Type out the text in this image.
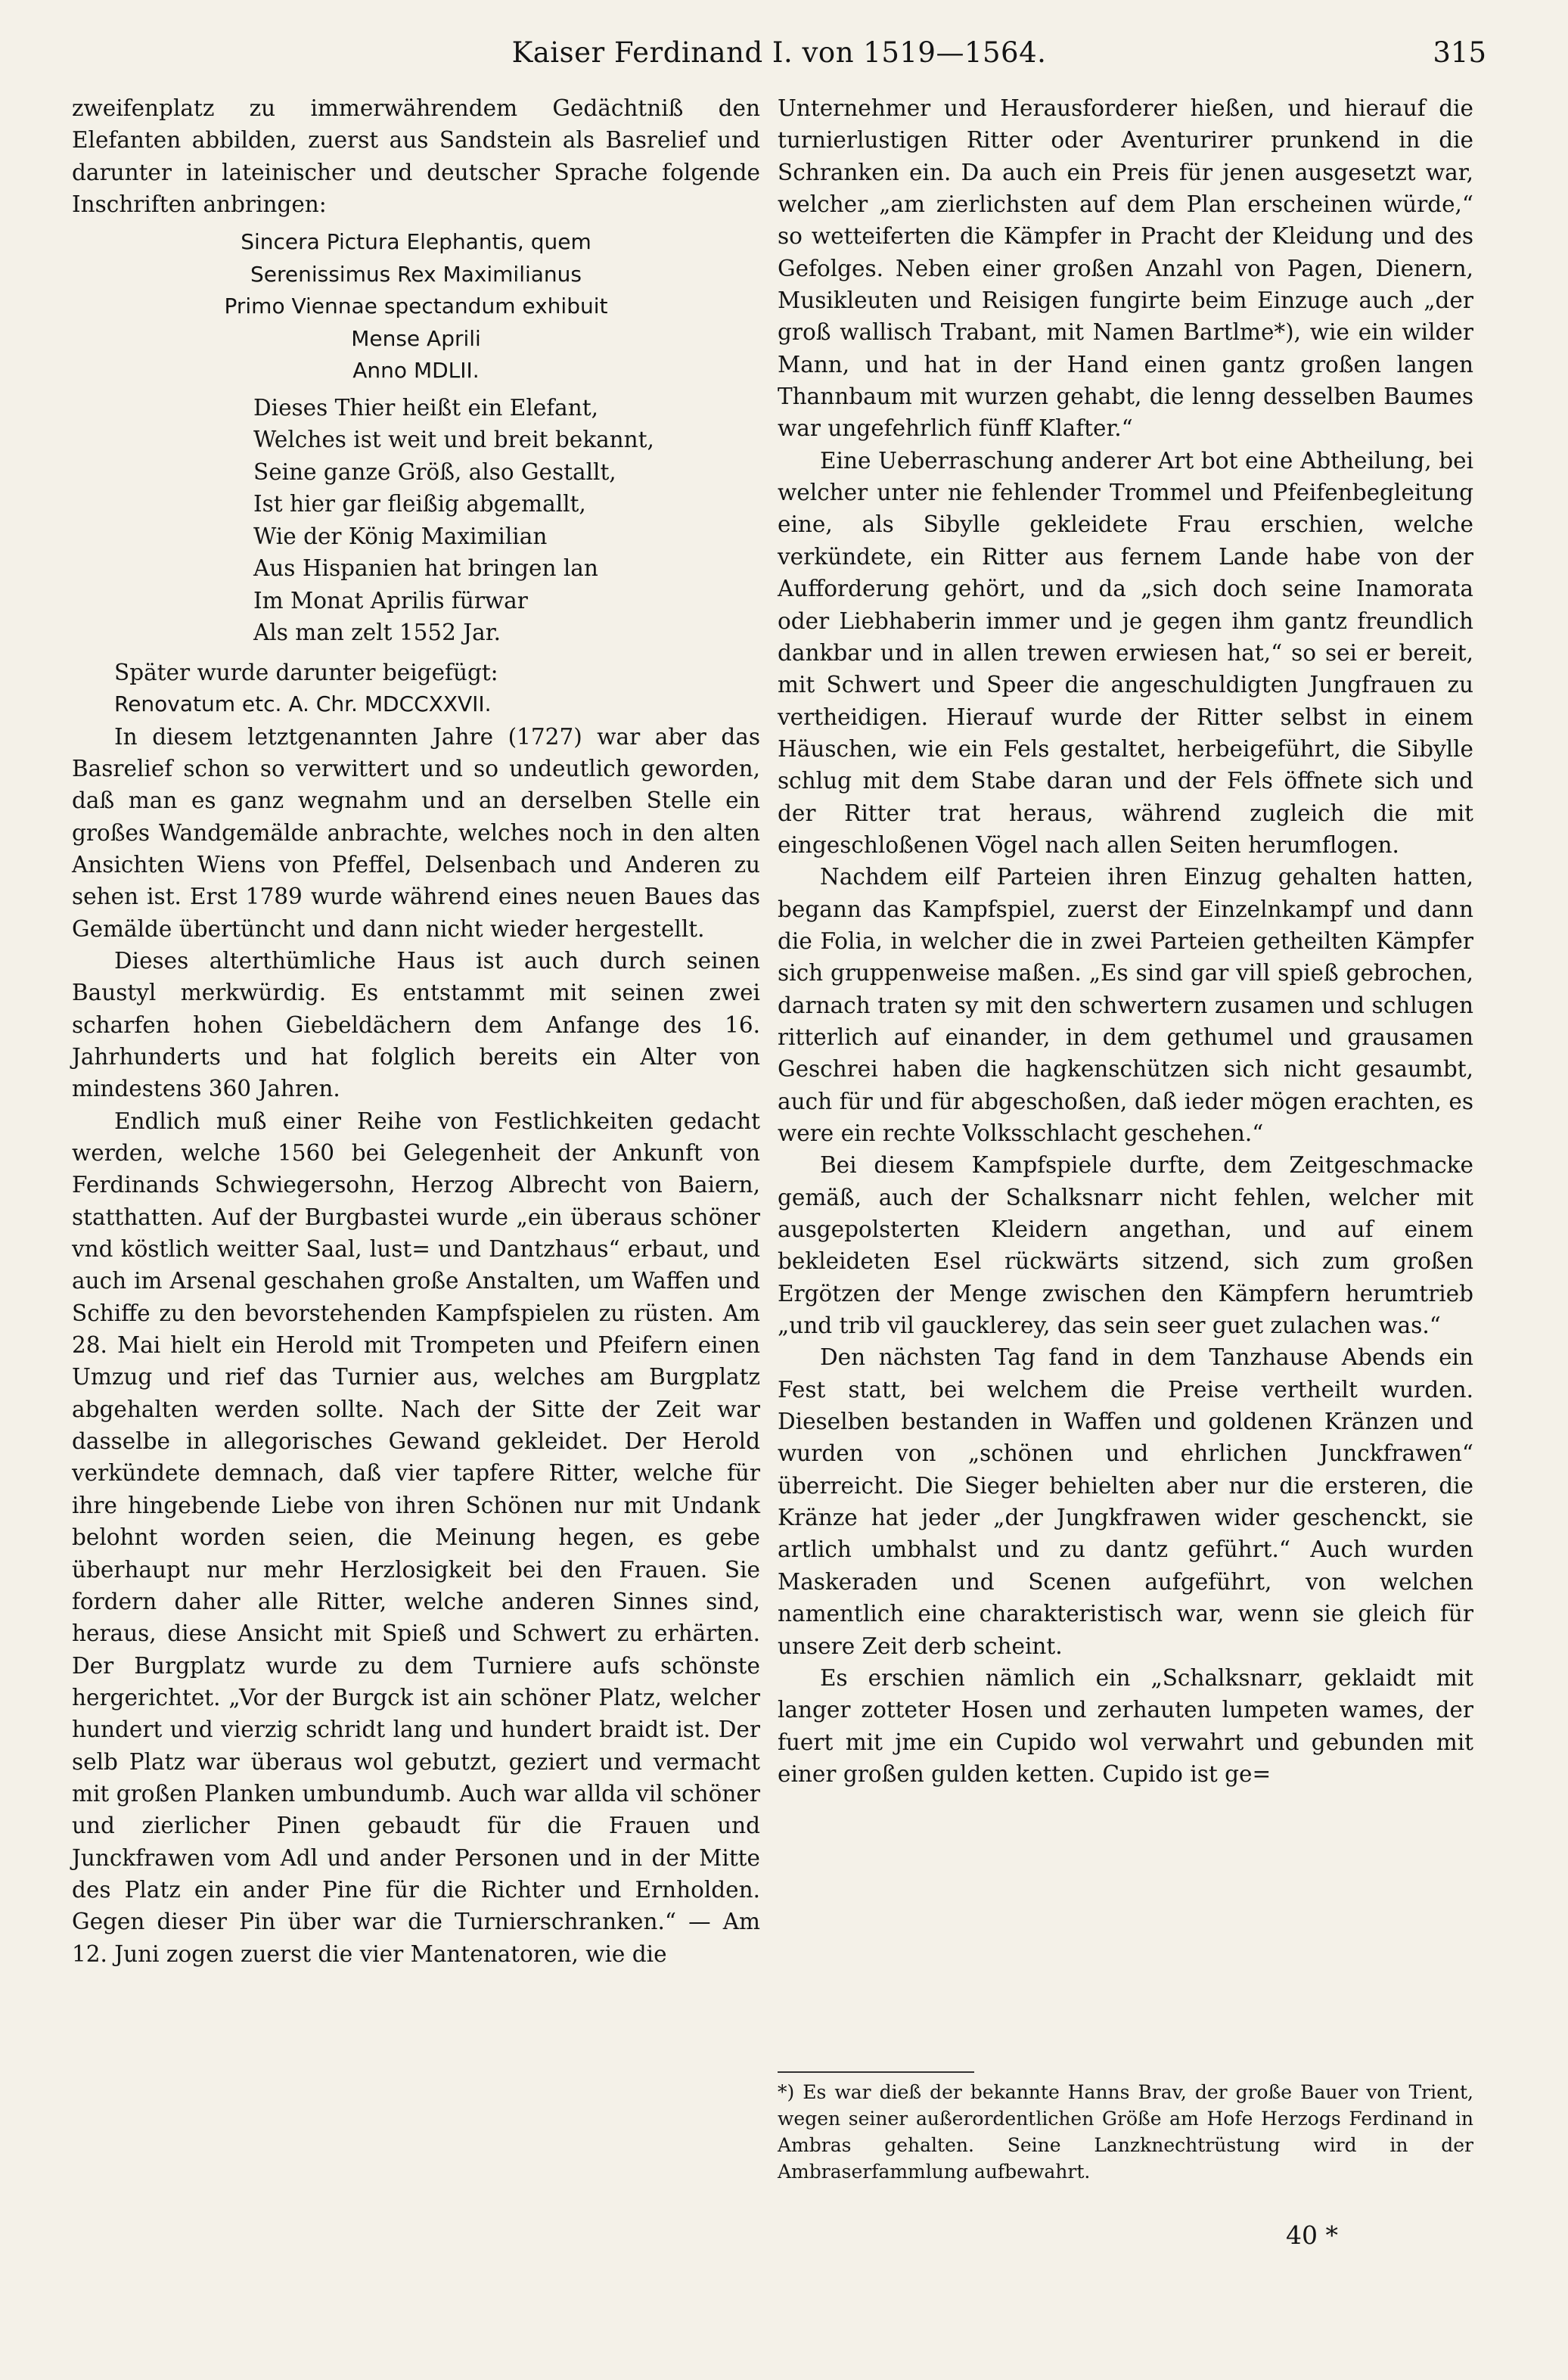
Kaiser Ferdinand I. von 1519—1564.	315

zweifenplatz zu immerwährendem Gedächtniß den Elefanten abbilden, zuerst aus Sandstein als Basrelief und darunter in lateinischer und deutscher Sprache folgende Inschriften anbringen:

Sincera Pictura Elephantis, quem
Serenissimus Rex Maximilianus
Primo Viennae spectandum exhibuit
Mense Aprili
Anno MDLII.
Dieses Thier heißt ein Elefant,
Welches ist weit und breit bekannt,
Seine ganze Größ, also Gestallt,
Ist hier gar fleißig abgemallt,
Wie der König Maximilian
Aus Hispanien hat bringen lan
Im Monat Aprilis fürwar
Als man zelt 1552 Jar.

Später wurde darunter beigefügt:

Renovatum etc. A. Chr. MDCCXXVII.

In diesem letztgenannten Jahre (1727) war aber das Basrelief schon so verwittert und so undeutlich geworden, daß man es ganz wegnahm und an derselben Stelle ein großes Wandgemälde anbrachte, welches noch in den alten Ansichten Wiens von Pfeffel, Delsenbach und Anderen zu sehen ist. Erst 1789 wurde während eines neuen Baues das Gemälde übertüncht und dann nicht wieder hergestellt.

Dieses alterthümliche Haus ist auch durch seinen Baustyl merkwürdig. Es entstammt mit seinen zwei scharfen hohen Giebeldächern dem Anfange des 16. Jahrhunderts und hat folglich bereits ein Alter von mindestens 360 Jahren.

Endlich muß einer Reihe von Festlichkeiten gedacht werden, welche 1560 bei Gelegenheit der Ankunft von Ferdinands Schwiegersohn, Herzog Albrecht von Baiern, statthatten. Auf der Burgbastei wurde „ein überaus schöner vnd köstlich weitter Saal, lust= und Dantzhaus“ erbaut, und auch im Arsenal geschahen große Anstalten, um Waffen und Schiffe zu den bevorstehenden Kampfspielen zu rüsten. Am 28. Mai hielt ein Herold mit Trompeten und Pfeifern einen Umzug und rief das Turnier aus, welches am Burgplatz abgehalten werden sollte. Nach der Sitte der Zeit war dasselbe in allegorisches Gewand gekleidet. Der Herold verkündete demnach, daß vier tapfere Ritter, welche für ihre hingebende Liebe von ihren Schönen nur mit Undank belohnt worden seien, die Meinung hegen, es gebe überhaupt nur mehr Herzlosigkeit bei den Frauen. Sie fordern daher alle Ritter, welche anderen Sinnes sind, heraus, diese Ansicht mit Spieß und Schwert zu erhärten. Der Burgplatz wurde zu dem Turniere aufs schönste hergerichtet. „Vor der Burgck ist ain schöner Platz, welcher hundert und vierzig schridt lang und hundert braidt ist. Der selb Platz war überaus wol gebutzt, geziert und vermacht mit großen Planken umbundumb. Auch war allda vil schöner und zierlicher Pinen gebaudt für die Frauen und Junckfrawen vom Adl und ander Personen und in der Mitte des Platz ein ander Pine für die Richter und Ernholden. Gegen dieser Pin über war die Turnierschranken.“ — Am 12. Juni zogen zuerst die vier Mantenatoren, wie die

Unternehmer und Herausforderer hießen, und hierauf die turnierlustigen Ritter oder Aventurirer prunkend in die Schranken ein. Da auch ein Preis für jenen ausgesetzt war, welcher „am zierlichsten auf dem Plan erscheinen würde,“ so wetteiferten die Kämpfer in Pracht der Kleidung und des Gefolges. Neben einer großen Anzahl von Pagen, Dienern, Musikleuten und Reisigen fungirte beim Einzuge auch „der groß wallisch Trabant, mit Namen Bartlme*), wie ein wilder Mann, und hat in der Hand einen gantz großen langen Thannbaum mit wurzen gehabt, die lenng desselben Baumes war ungefehrlich fünff Klafter.“

Eine Ueberraschung anderer Art bot eine Abtheilung, bei welcher unter nie fehlender Trommel und Pfeifenbegleitung eine, als Sibylle gekleidete Frau erschien, welche verkündete, ein Ritter aus fernem Lande habe von der Aufforderung gehört, und da „sich doch seine Inamorata oder Liebhaberin immer und je gegen ihm gantz freundlich dankbar und in allen trewen erwiesen hat,“ so sei er bereit, mit Schwert und Speer die angeschuldigten Jungfrauen zu vertheidigen. Hierauf wurde der Ritter selbst in einem Häuschen, wie ein Fels gestaltet, herbeigeführt, die Sibylle schlug mit dem Stabe daran und der Fels öffnete sich und der Ritter trat heraus, während zugleich die mit eingeschloßenen Vögel nach allen Seiten herumflogen.

Nachdem eilf Parteien ihren Einzug gehalten hatten, begann das Kampfspiel, zuerst der Einzelnkampf und dann die Folia, in welcher die in zwei Parteien getheilten Kämpfer sich gruppenweise maßen. „Es sind gar vill spieß gebrochen, darnach traten sy mit den schwertern zusamen und schlugen ritterlich auf einander, in dem gethumel und grausamen Geschrei haben die hagkenschützen sich nicht gesaumbt, auch für und für abgeschoßen, daß ieder mögen erachten, es were ein rechte Volksschlacht geschehen.“

Bei diesem Kampfspiele durfte, dem Zeitgeschmacke gemäß, auch der Schalksnarr nicht fehlen, welcher mit ausgepolsterten Kleidern angethan, und auf einem bekleideten Esel rückwärts sitzend, sich zum großen Ergötzen der Menge zwischen den Kämpfern herumtrieb „und trib vil gaucklerey, das sein seer guet zulachen was.“

Den nächsten Tag fand in dem Tanzhause Abends ein Fest statt, bei welchem die Preise vertheilt wurden. Dieselben bestanden in Waffen und goldenen Kränzen und wurden von „schönen und ehrlichen Junckfrawen“ überreicht. Die Sieger behielten aber nur die ersteren, die Kränze hat jeder „der Jungkfrawen wider geschenckt, sie artlich umbhalst und zu dantz geführt.“ Auch wurden Maskeraden und Scenen aufgeführt, von welchen namentlich eine charakteristisch war, wenn sie gleich für unsere Zeit derb scheint.

Es erschien nämlich ein „Schalksnarr, geklaidt mit langer zotteter Hosen und zerhauten lumpeten wames, der fuert mit jme ein Cupido wol verwahrt und gebunden mit einer großen gulden ketten. Cupido ist ge=

*) Es war dieß der bekannte Hanns Brav, der große Bauer von Trient, wegen seiner außerordentlichen Größe am Hofe Herzogs Ferdinand in Ambras gehalten. Seine Lanzknechtrüstung wird in der Ambraserfammlung aufbewahrt.
40 *
